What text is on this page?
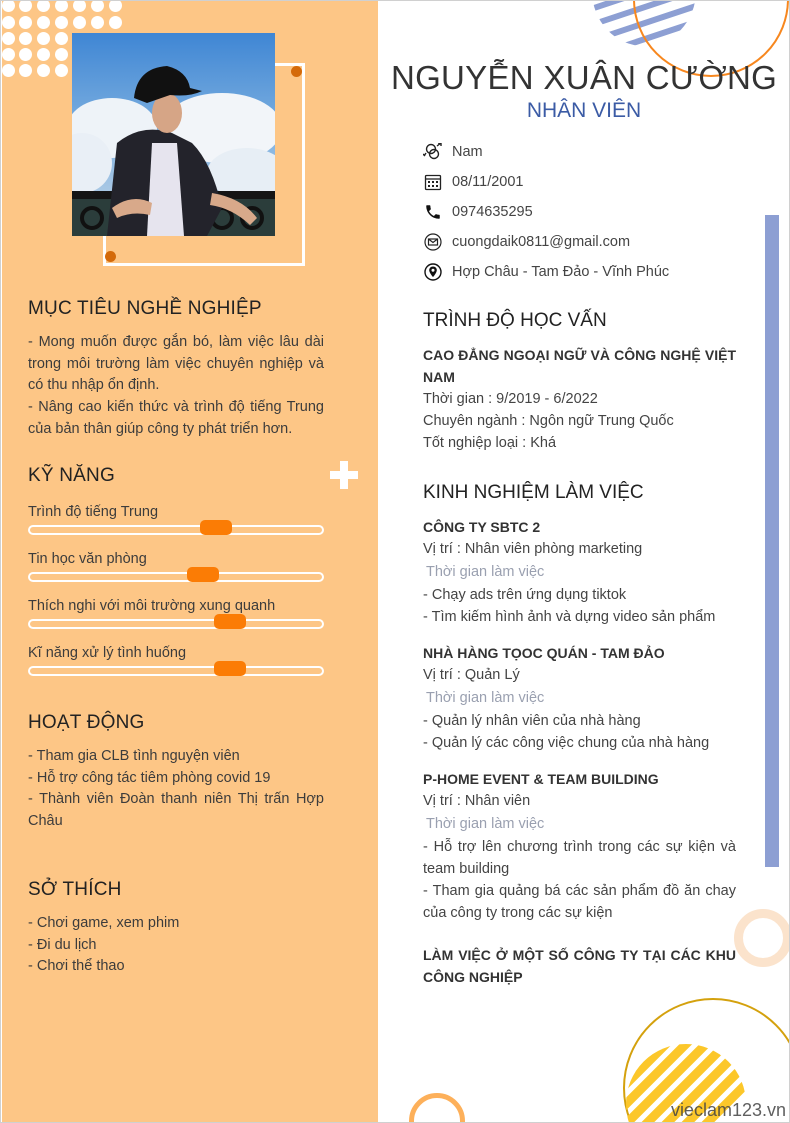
MỤC TIÊU NGHỀ NGHIỆP

- Mong muốn được gắn bó, làm việc lâu dài trong môi trường làm việc chuyên nghiệp và có thu nhập ổn định.

- Nâng cao kiến thức và trình độ tiếng Trung của bản thân giúp công ty phát triển hơn.

KỸ NĂNG
Trình độ tiếng Trung
Tin học văn phòng
Thích nghi với môi trường xung quanh
Kĩ năng xử lý tình huống
HOẠT ĐỘNG

- Tham gia CLB tình nguyện viên

- Hỗ trợ công tác tiêm phòng covid 19

- Thành viên Đoàn thanh niên Thị trấn Hợp Châu

SỞ THÍCH

- Chơi game, xem phim

- Đi du lịch

- Chơi thể thao

NGUYỄN XUÂN CƯỜNG
NHÂN VIÊN
Nam
08/11/2001
0974635295
cuongdaik0811@gmail.com
Hợp Châu - Tam Đảo - Vĩnh Phúc
TRÌNH ĐỘ HỌC VẤN
CAO ĐẲNG NGOẠI NGỮ VÀ CÔNG NGHỆ VIỆT NAM
Thời gian : 9/2019 - 6/2022
Chuyên ngành : Ngôn ngữ Trung Quốc
Tốt nghiệp loại : Khá
KINH NGHIỆM LÀM VIỆC
CÔNG TY SBTC 2
Vị trí : Nhân viên phòng marketing
Thời gian làm việc
- Chạy ads trên ứng dụng tiktok
- Tìm kiếm hình ảnh và dựng video sản phẩm
NHÀ HÀNG TỌOC QUÁN - TAM ĐẢO
Vị trí : Quản Lý
Thời gian làm việc
- Quản lý nhân viên của nhà hàng
- Quản lý các công việc chung của nhà hàng
P-HOME EVENT & TEAM BUILDING
Vị trí : Nhân viên
Thời gian làm việc
- Hỗ trợ lên chương trình trong các sự kiện và team building
- Tham gia quảng bá các sản phẩm đồ ăn chay của công ty trong các sự kiện
LÀM VIỆC Ở MỘT SỐ CÔNG TY TẠI CÁC KHU CÔNG NGHIỆP
vieclam123.vn
